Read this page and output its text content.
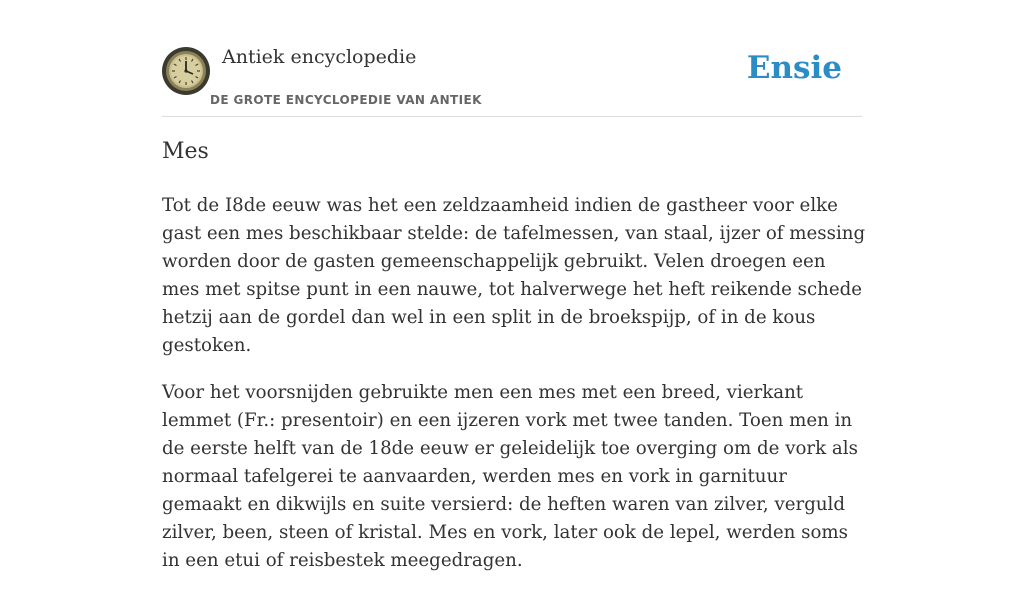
Antiek encyclopedie
DE GROTE ENCYCLOPEDIE VAN ANTIEK
Ensie
Mes

Tot de I8de eeuw was het een zeldzaamheid indien de gastheer voor elke gast een mes beschikbaar stelde: de tafelmessen, van staal, ijzer of messing worden door de gasten gemeenschappelijk gebruikt. Velen droegen een mes met spitse punt in een nauwe, tot halverwege het heft reikende schede hetzij aan de gordel dan wel in een split in de broekspijp, of in de kous gestoken.

Voor het voorsnijden gebruikte men een mes met een breed, vierkant lemmet (Fr.: presentoir) en een ijzeren vork met twee tanden. Toen men in de eerste helft van de 18de eeuw er geleidelijk toe overging om de vork als normaal tafelgerei te aanvaarden, werden mes en vork in garnituur gemaakt en dikwijls en suite versierd: de heften waren van zilver, verguld zilver, been, steen of kristal. Mes en vork, later ook de lepel, werden soms in een etui of reisbestek meegedragen.
